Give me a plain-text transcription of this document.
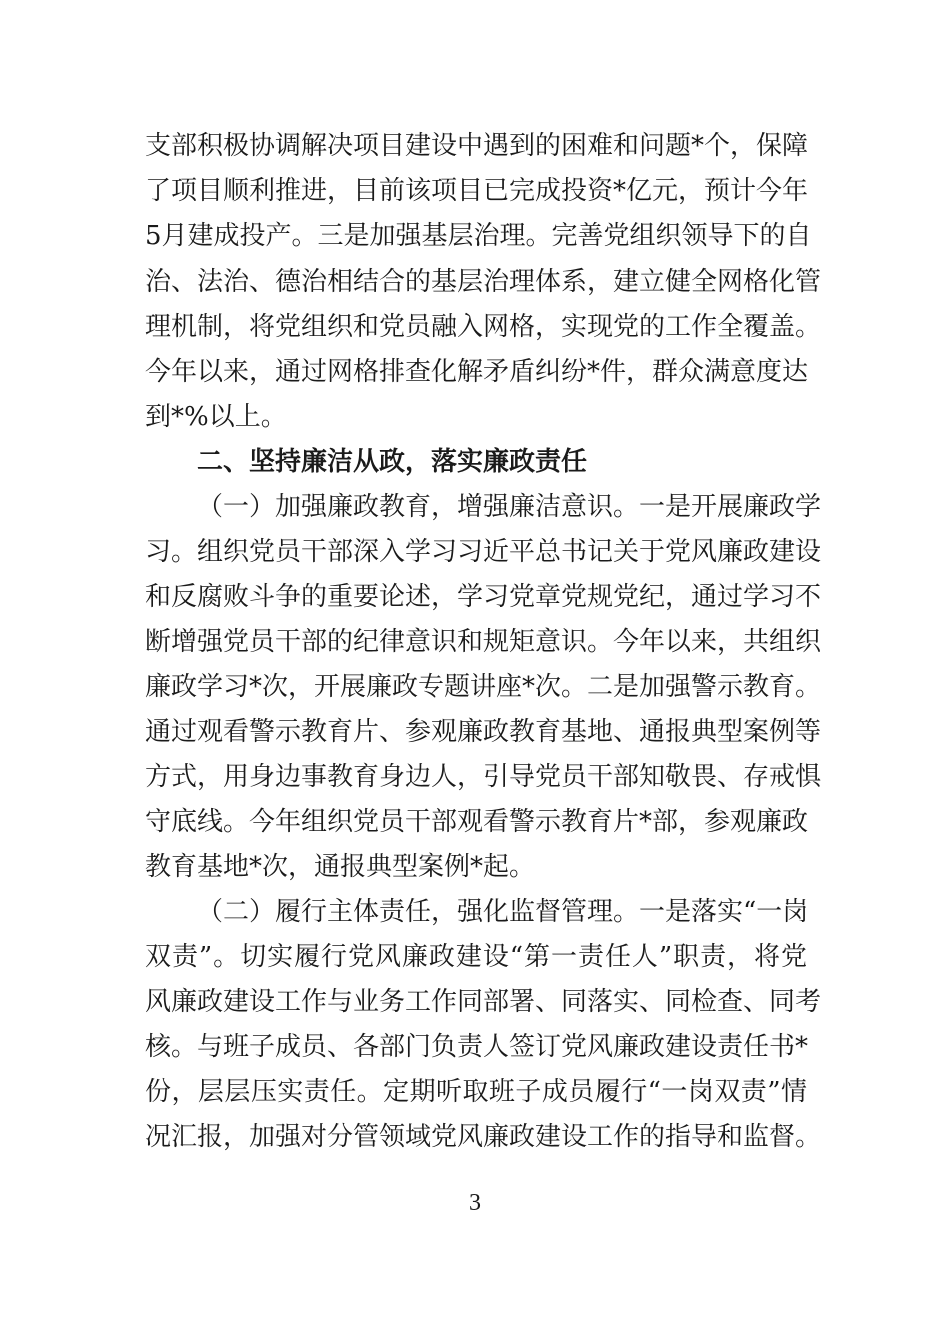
支部积极协调解决项目建设中遇到的困难和问题*个，保障
了项目顺利推进，目前该项目已完成投资*亿元，预计今年
5月建成投产。三是加强基层治理。完善党组织领导下的自
治、法治、德治相结合的基层治理体系，建立健全网格化管
理机制，将党组织和党员融入网格，实现党的工作全覆盖。
今年以来，通过网格排查化解矛盾纠纷*件，群众满意度达
到*%以上。
二、坚持廉洁从政，落实廉政责任
（一）加强廉政教育，增强廉洁意识。一是开展廉政学
习。组织党员干部深入学习习近平总书记关于党风廉政建设
和反腐败斗争的重要论述，学习党章党规党纪，通过学习不
断增强党员干部的纪律意识和规矩意识。今年以来，共组织
廉政学习*次，开展廉政专题讲座*次。二是加强警示教育。
通过观看警示教育片、参观廉政教育基地、通报典型案例等
方式，用身边事教育身边人，引导党员干部知敬畏、存戒惧
守底线。今年组织党员干部观看警示教育片*部，参观廉政
教育基地*次，通报典型案例*起。
（二）履行主体责任，强化监督管理。一是落实“一岗
双责”。切实履行党风廉政建设“第一责任人”职责，将党
风廉政建设工作与业务工作同部署、同落实、同检查、同考
核。与班子成员、各部门负责人签订党风廉政建设责任书*
份，层层压实责任。定期听取班子成员履行“一岗双责”情
况汇报，加强对分管领域党风廉政建设工作的指导和监督。
3
